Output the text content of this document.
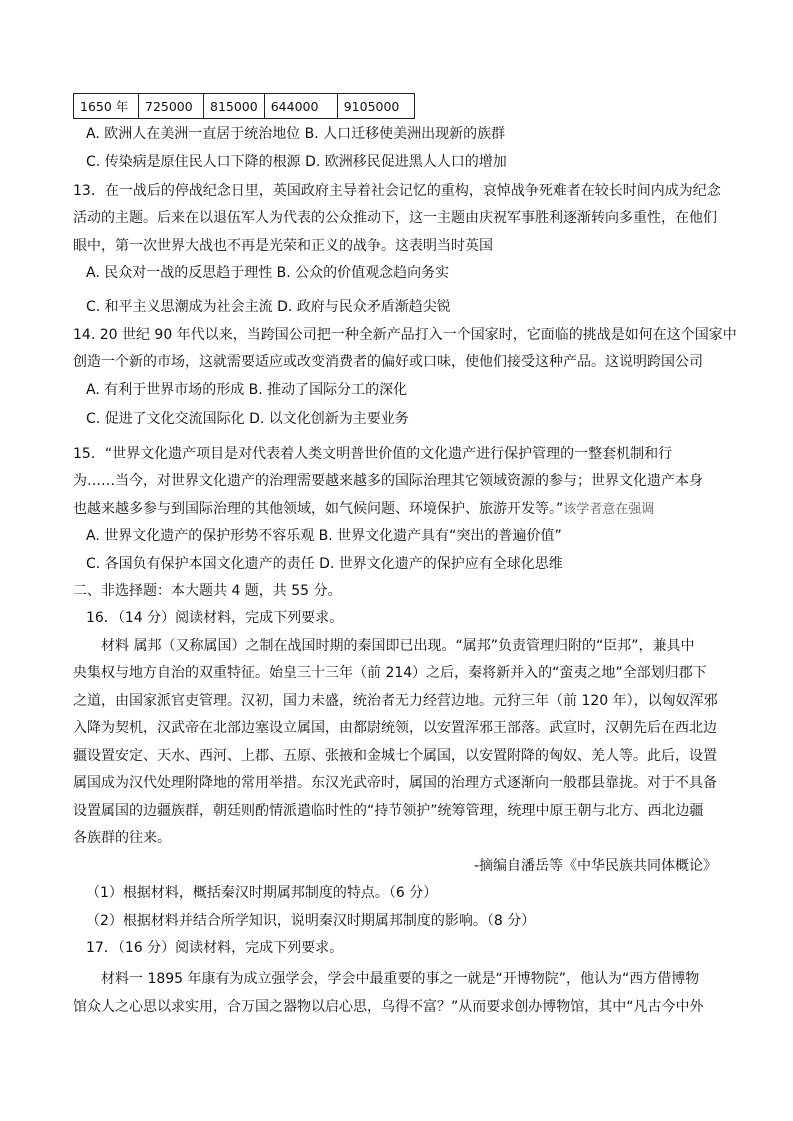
1650 年	725000	815000	644000	9105000
A. 欧洲人在美洲一直居于统治地位 B. 人口迁移使美洲出现新的族群
C. 传染病是原住民人口下降的根源 D. 欧洲移民促进黑人人口的增加
13．在一战后的停战纪念日里，英国政府主导着社会记忆的重构，哀悼战争死难者在较长时间内成为纪念
活动的主题。后来在以退伍军人为代表的公众推动下，这一主题由庆祝军事胜利逐渐转向多重性，在他们
眼中，第一次世界大战也不再是光荣和正义的战争。这表明当时英国
A. 民众对一战的反思趋于理性 B. 公众的价值观念趋向务实
C. 和平主义思潮成为社会主流 D. 政府与民众矛盾渐趋尖锐
14. 20 世纪 90 年代以来，当跨国公司把一种全新产品打入一个国家时，它面临的挑战是如何在这个国家中
创造一个新的市场，这就需要适应或改变消费者的偏好或口味，使他们接受这种产品。这说明跨国公司
A. 有利于世界市场的形成 B. 推动了国际分工的深化
C. 促进了文化交流国际化 D. 以文化创新为主要业务
15．“世界文化遗产项目是对代表着人类文明普世价值的文化遗产进行保护管理的一整套机制和行
为……当今，对世界文化遗产的治理需要越来越多的国际治理其它领域资源的参与；世界文化遗产本身
也越来越多参与到国际治理的其他领域，如气候问题、环境保护、旅游开发等。”该学者意在强调
A. 世界文化遗产的保护形势不容乐观 B. 世界文化遗产具有“突出的普遍价值”
C. 各国负有保护本国文化遗产的责任 D. 世界文化遗产的保护应有全球化思维
二、非选择题：本大题共 4 题，共 55 分。
16．（14 分）阅读材料，完成下列要求。
材料 属邦（又称属国）之制在战国时期的秦国即已出现。“属邦”负责管理归附的“臣邦”，兼具中
央集权与地方自治的双重特征。始皇三十三年（前 214）之后，秦将新并入的“蛮夷之地”全部划归郡下
之道，由国家派官吏管理。汉初，国力未盛，统治者无力经营边地。元狩三年（前 120 年），以匈奴浑邪
入降为契机，汉武帝在北部边塞设立属国，由都尉统领，以安置浑邪王部落。武宣时，汉朝先后在西北边
疆设置安定、天水、西河、上郡、五原、张掖和金城七个属国，以安置附降的匈奴、羌人等。此后，设置
属国成为汉代处理附降地的常用举措。东汉光武帝时，属国的治理方式逐渐向一般郡县靠拢。对于不具备
设置属国的边疆族群，朝廷则酌情派遣临时性的“持节领护”统筹管理，统理中原王朝与北方、西北边疆
各族群的往来。
-摘编自潘岳等《中华民族共同体概论》
（1）根据材料，概括秦汉时期属邦制度的特点。（6 分）
（2）根据材料并结合所学知识，说明秦汉时期属邦制度的影响。（8 分）
17．（16 分）阅读材料，完成下列要求。
材料一 1895 年康有为成立强学会，学会中最重要的事之一就是“开博物院”，他认为“西方借博物
馆众人之心思以求实用，合万国之器物以启心思，乌得不富？”从而要求创办博物馆，其中“凡古今中外
